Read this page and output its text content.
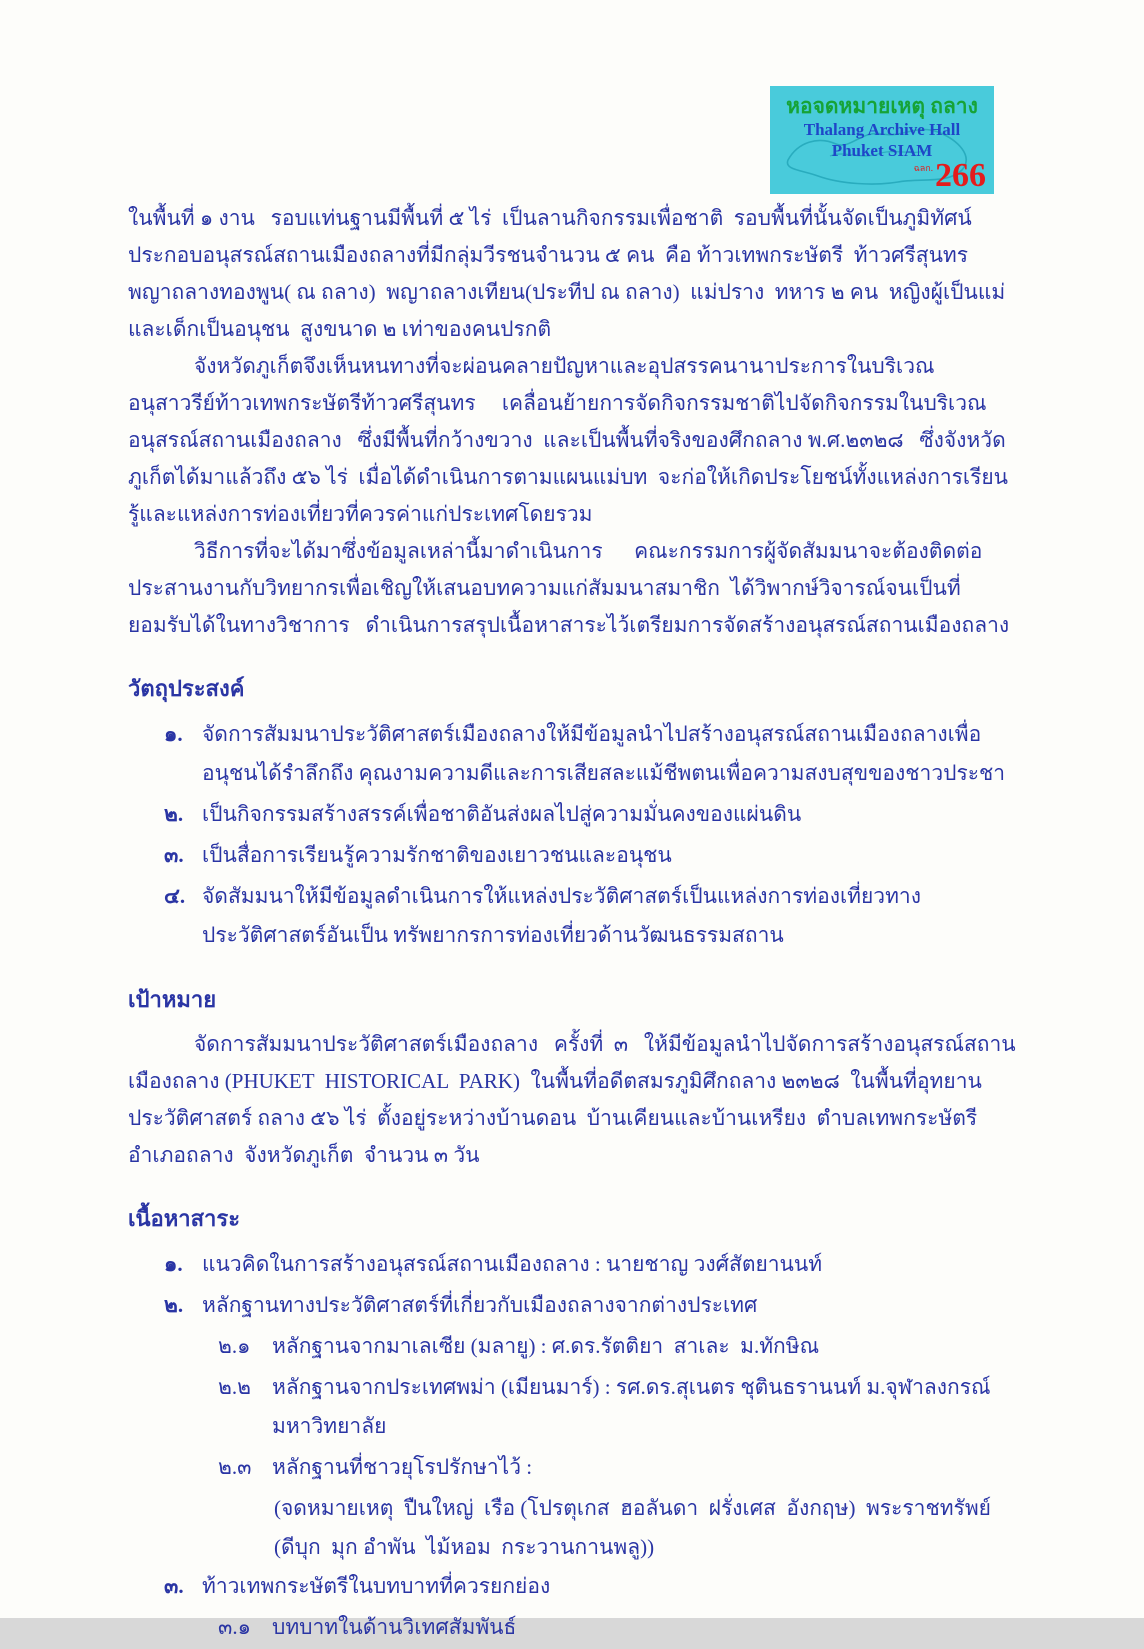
หอจดหมายเหตุ ถลาง
Thalang Archive Hall
Phuket SIAM
ฉลก. 266

ในพื้นที่ ๑ งาน   รอบแท่นฐานมีพื้นที่ ๕ ไร่  เป็นลานกิจกรรมเพื่อชาติ  รอบพื้นที่นั้นจัดเป็นภูมิทัศน์ประกอบอนุสรณ์สถานเมืองถลางที่มีกลุ่มวีรชนจำนวน ๕ คน  คือ ท้าวเทพกระษัตรี  ท้าวศรีสุนทร  พญาถลางทองพูน( ณ ถลาง)  พญาถลางเทียน(ประทีป ณ ถลาง)  แม่ปราง  ทหาร ๒ คน  หญิงผู้เป็นแม่  และเด็กเป็นอนุชน  สูงขนาด ๒ เท่าของคนปรกติ

จังหวัดภูเก็ตจึงเห็นหนทางที่จะผ่อนคลายปัญหาและอุปสรรคนานาประการในบริเวณอนุสาวรีย์ท้าวเทพกระษัตรีท้าวศรีสุนทร     เคลื่อนย้ายการจัดกิจกรรมชาติไปจัดกิจกรรมในบริเวณอนุสรณ์สถานเมืองถลาง   ซึ่งมีพื้นที่กว้างขวาง  และเป็นพื้นที่จริงของศึกถลาง พ.ศ.๒๓๒๘   ซึ่งจังหวัดภูเก็ตได้มาแล้วถึง ๕๖ ไร่  เมื่อได้ดำเนินการตามแผนแม่บท  จะก่อให้เกิดประโยชน์ทั้งแหล่งการเรียนรู้และแหล่งการท่องเที่ยวที่ควรค่าแก่ประเทศโดยรวม

วิธีการที่จะได้มาซึ่งข้อมูลเหล่านี้มาดำเนินการ      คณะกรรมการผู้จัดสัมมนาจะต้องติดต่อประสานงานกับวิทยากรเพื่อเชิญให้เสนอบทความแก่สัมมนาสมาชิก  ได้วิพากษ์วิจารณ์จนเป็นที่ยอมรับได้ในทางวิชาการ   ดำเนินการสรุปเนื้อหาสาระไว้เตรียมการจัดสร้างอนุสรณ์สถานเมืองถลาง

วัตถุประสงค์
๑. จัดการสัมมนาประวัติศาสตร์เมืองถลางให้มีข้อมูลนำไปสร้างอนุสรณ์สถานเมืองถลางเพื่ออนุชนได้รำลึกถึง คุณงามความดีและการเสียสละแม้ชีพตนเพื่อความสงบสุขของชาวประชา
๒. เป็นกิจกรรมสร้างสรรค์เพื่อชาติอันส่งผลไปสู่ความมั่นคงของแผ่นดิน
๓. เป็นสื่อการเรียนรู้ความรักชาติของเยาวชนและอนุชน
๔. จัดสัมมนาให้มีข้อมูลดำเนินการให้แหล่งประวัติศาสตร์เป็นแหล่งการท่องเที่ยวทางประวัติศาสตร์อันเป็น ทรัพยากรการท่องเที่ยวด้านวัฒนธรรมสถาน
เป้าหมาย

จัดการสัมมนาประวัติศาสตร์เมืองถลาง   ครั้งที่  ๓   ให้มีข้อมูลนำไปจัดการสร้างอนุสรณ์สถานเมืองถลาง (PHUKET  HISTORICAL  PARK)  ในพื้นที่อดีตสมรภูมิศึกถลาง ๒๓๒๘  ในพื้นที่อุทยานประวัติศาสตร์ ถลาง ๕๖ ไร่  ตั้งอยู่ระหว่างบ้านดอน  บ้านเคียนและบ้านเหรียง  ตำบลเทพกระษัตรี  อำเภอถลาง  จังหวัดภูเก็ต  จำนวน ๓ วัน

เนื้อหาสาระ
๑. แนวคิดในการสร้างอนุสรณ์สถานเมืองถลาง : นายชาญ วงศ์สัตยานนท์
๒. หลักฐานทางประวัติศาสตร์ที่เกี่ยวกับเมืองถลางจากต่างประเทศ
๒.๑	หลักฐานจากมาเลเซีย (มลายู) : ศ.ดร.รัตติยา  สาเละ  ม.ทักษิณ
๒.๒	หลักฐานจากประเทศพม่า (เมียนมาร์) : รศ.ดร.สุเนตร ชุตินธรานนท์ ม.จุฬาลงกรณ์มหาวิทยาลัย
๒.๓ หลักฐานที่ชาวยุโรปรักษาไว้ :
(จดหมายเหตุ  ปืนใหญ่  เรือ (โปรตุเกส  ฮอลันดา  ฝรั่งเศส  อังกฤษ)  พระราชทรัพย์ (ดีบุก  มุก อำพัน  ไม้หอม  กระวานกานพลู))
๓. ท้าวเทพกระษัตรีในบทบาทที่ควรยกย่อง
๓.๑	บทบาทในด้านวิเทศสัมพันธ์
